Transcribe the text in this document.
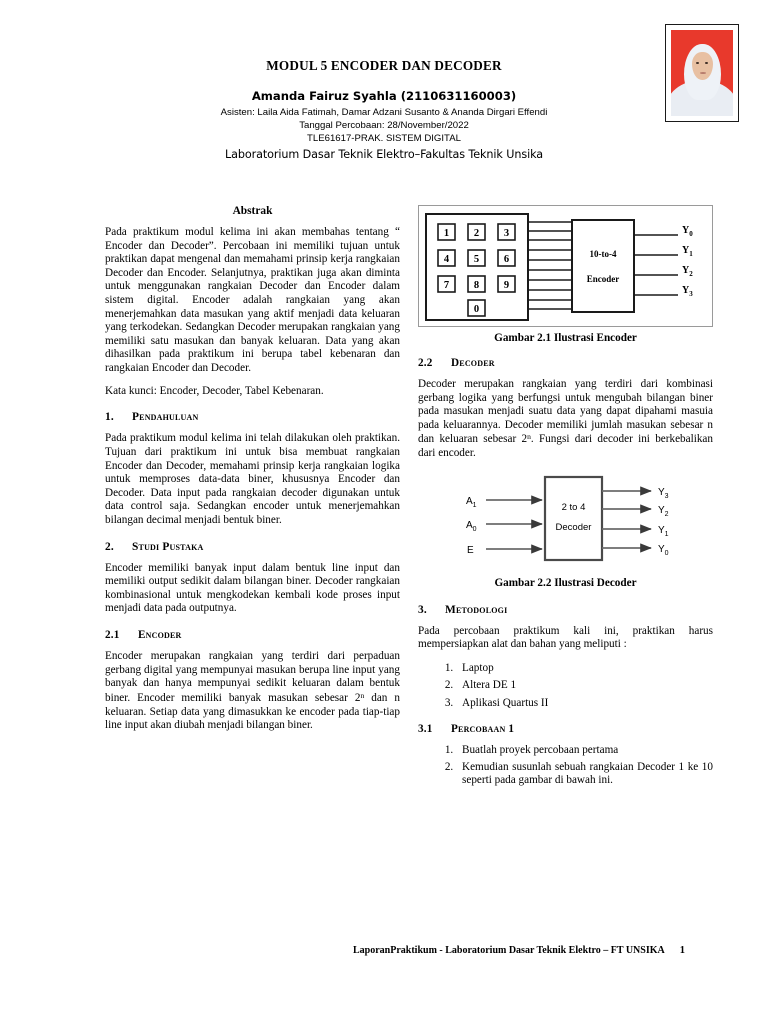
MODUL 5 ENCODER DAN DECODER
Amanda Fairuz Syahla (2110631160003)
Asisten: Laila Aida Fatimah, Damar Adzani Susanto & Ananda Dirgari Effendi
Tanggal Percobaan: 28/November/2022
TLE61617-PRAK. SISTEM DIGITAL
Laboratorium Dasar Teknik Elektro–Fakultas Teknik Unsika
Abstrak

Pada praktikum modul kelima ini akan membahas tentang “ Encoder dan Decoder”. Percobaan ini memiliki tujuan untuk praktikan dapat mengenal dan memahami prinsip kerja rangkaian Decoder dan Encoder. Selanjutnya, praktikan juga akan diminta untuk menggunakan rangkaian Decoder dan Encoder dalam sistem digital. Encoder adalah rangkaian yang akan menerjemahkan data masukan yang aktif menjadi data keluaran yang terkodekan. Sedangkan Decoder merupakan rangkaian yang memiliki satu masukan dan banyak keluaran. Data yang akan dihasilkan pada praktikum ini berupa tabel kebenaran dan rangkaian Encoder dan Decoder.

Kata kunci: Encoder, Decoder, Tabel Kebenaran.

1. Pendahuluan

Pada praktikum modul kelima ini telah dilakukan oleh praktikan. Tujuan dari praktikum ini untuk bisa membuat rangkaian Encoder dan Decoder, memahami prinsip kerja rangkaian logika untuk memproses data-data biner, khususnya Encoder dan Decoder. Data input pada rangkaian decoder digunakan untuk data control saja. Sedangkan encoder untuk menerjemahkan bilangan decimal menjadi bentuk biner.

2. Studi Pustaka

Encoder memiliki banyak input dalam bentuk line input dan memiliki output sedikit dalam bilangan biner. Decoder rangkaian kombinasional untuk mengkodekan kembali kode proses input menjadi data pada outputnya.

2.1 Encoder

Encoder merupakan rangkaian yang terdiri dari perpaduan gerbang digital yang mempunyai masukan berupa line input yang banyak dan hanya mempunyai sedikit keluaran dalam bentuk biner. Encoder memiliki banyak masukan sebesar 2$^n$ dan n keluaran. Setiap data yang dimasukkan ke encoder pada tiap-tiap line input akan diubah menjadi bilangan biner.

1 2 3
4 5 6
7 8 9
0
10-to-4
Encoder
$Y_0$
$Y_1$
$Y_2$
$Y_3$
Gambar 2.1 Ilustrasi Encoder
2.2 Decoder

Decoder merupakan rangkaian yang terdiri dari kombinasi gerbang logika yang berfungsi untuk mengubah bilangan biner pada masukan menjadi suatu data yang dapat dipahami masuia pada keluarannya. Decoder memiliki jumlah masukan sebesar n dan keluaran sebesar 2$^n$. Fungsi dari decoder ini berkebalikan dari encoder.

$A_1$
$A_0$
E
2 to 4
Decoder
$Y_3$
$Y_2$
$Y_1$
$Y_0$
Gambar 2.2 Ilustrasi Decoder
3. Metodologi

Pada percobaan praktikum kali ini, praktikan harus mempersiapkan alat dan bahan yang meliputi :

1. Laptop
2. Altera DE 1
3. Aplikasi Quartus II
3.1 Percobaan 1
1. Buatlah proyek percobaan pertama
2. Kemudian susunlah sebuah rangkaian Decoder 1 ke 10 seperti pada gambar di bawah ini.
LaporanPraktikum - Laboratorium Dasar Teknik Elektro – FT UNSIKA 1
